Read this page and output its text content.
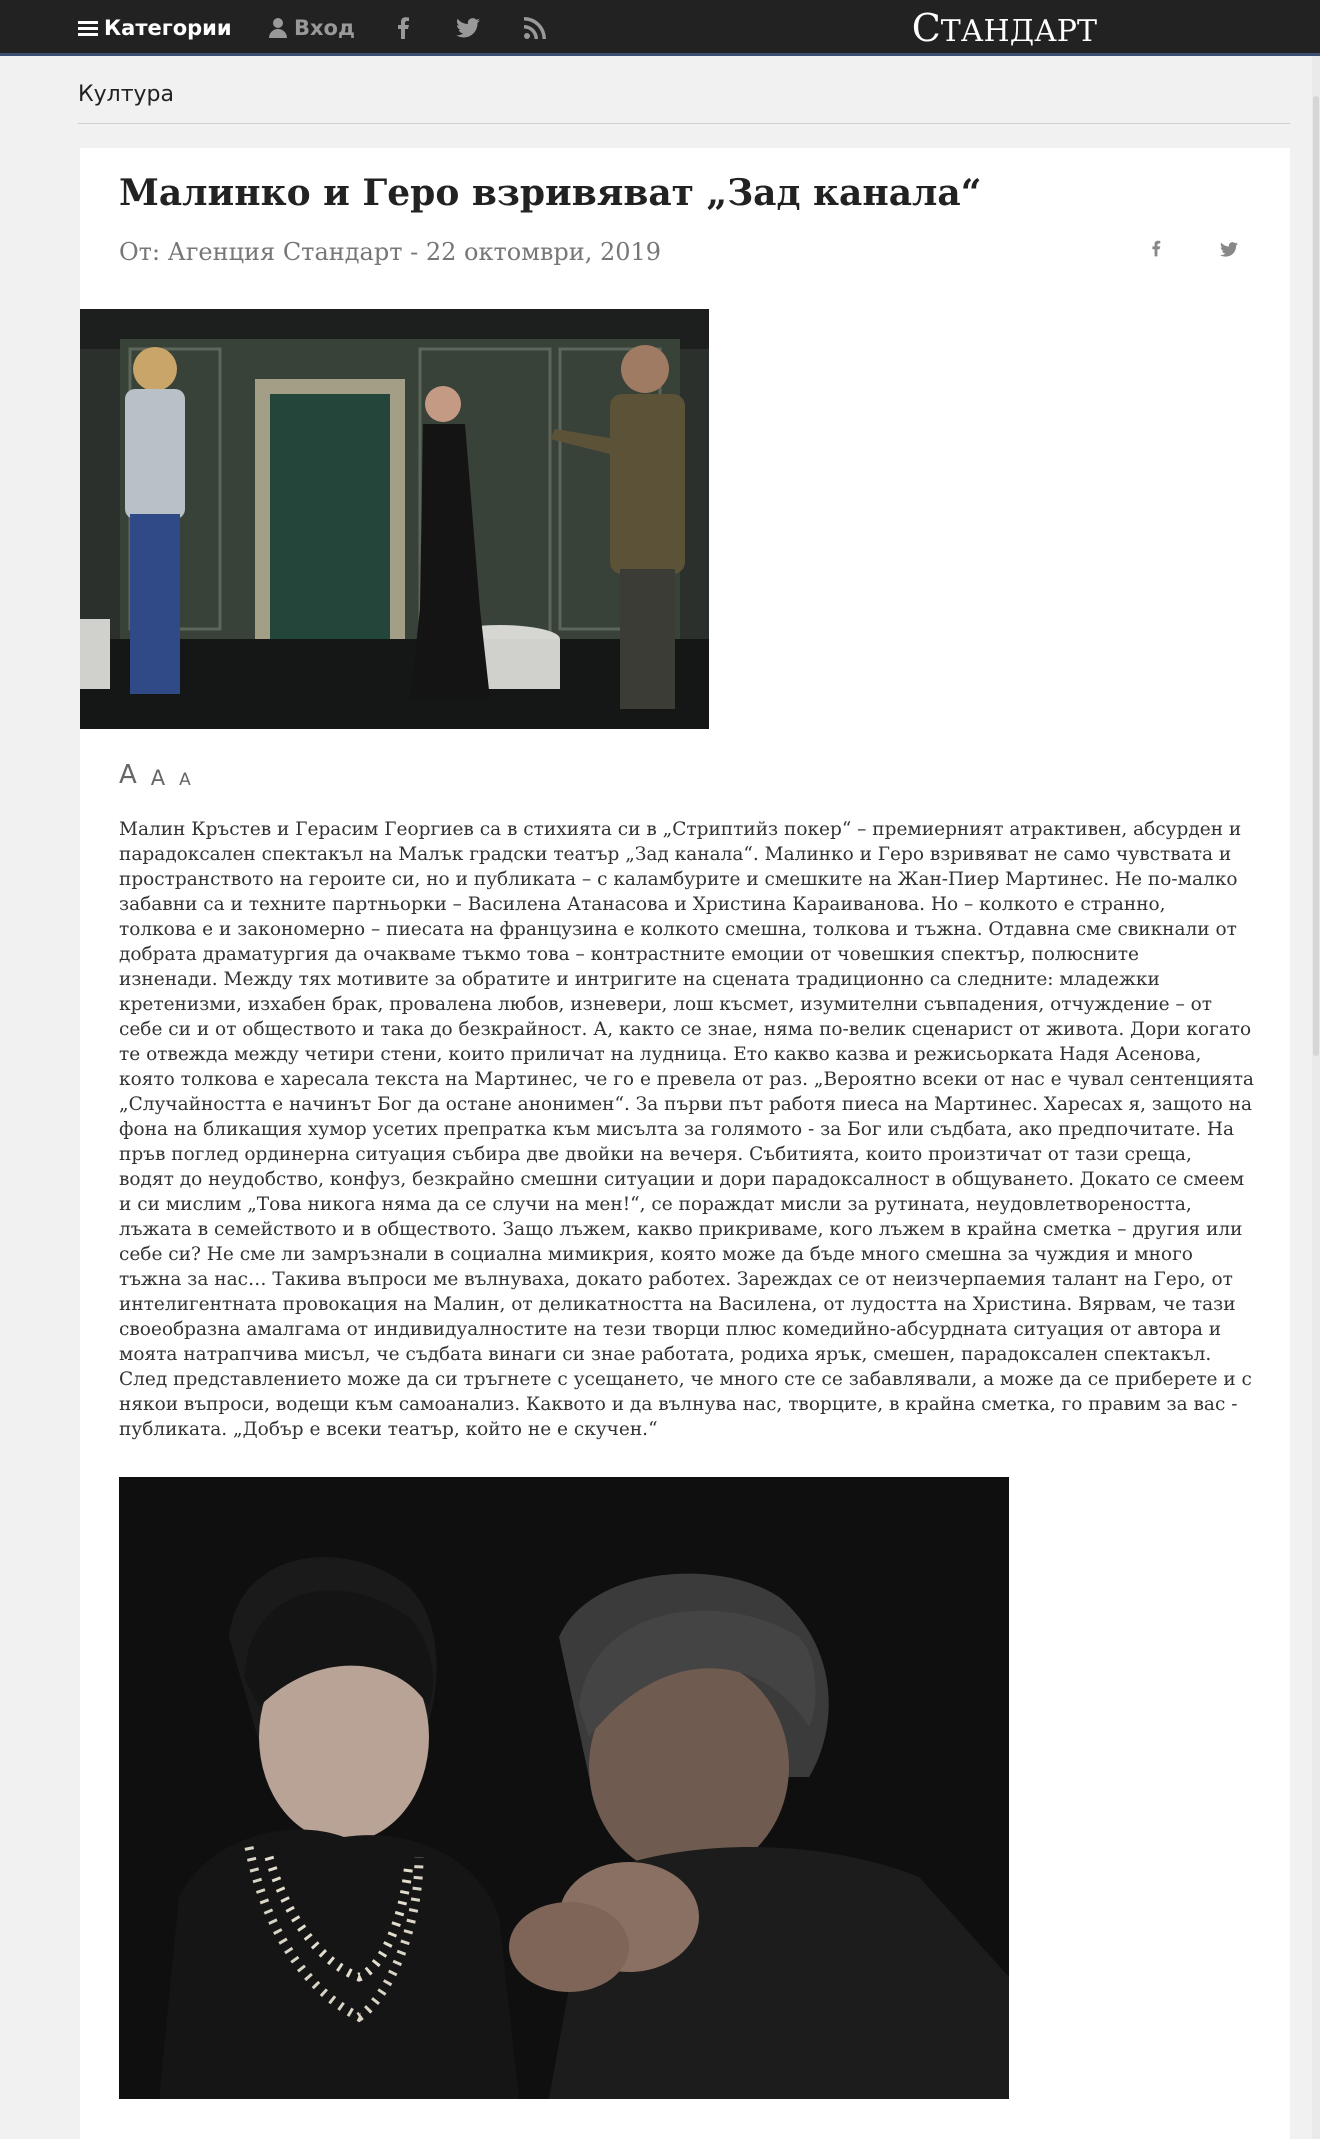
Категории	Вход	СТАНДАРТ
Култура
Малинко и Геро взривяват „Зад канала“
От: Агенция Стандарт - 22 октомври, 2019
A A A
Малин Кръстев и Герасим Георгиев са в стихията си в „Стриптийз покер“ – премиерният атрактивен, абсурден и
парадоксален спектакъл на Малък градски театър „Зад канала“. Малинко и Геро взривяват не само чувствата и
пространството на героите си, но и публиката – с каламбурите и смешките на Жан-Пиер Мартинес. Не по-малко
забавни са и техните партньорки – Василена Атанасова и Христина Караиванова. Но – колкото е странно,
толкова е и закономерно – пиесата на французина е колкото смешна, толкова и тъжна. Отдавна сме свикнали от
добрата драматургия да очакваме тъкмо това – контрастните емоции от човешкия спектър, полюсните
изненади. Между тях мотивите за обратите и интригите на сцената традиционно са следните: младежки
кретенизми, изхабен брак, провалена любов, изневери, лош късмет, изумителни съвпадения, отчуждение – от
себе си и от обществото и така до безкрайност. А, както се знае, няма по-велик сценарист от живота. Дори когато
те отвежда между четири стени, които приличат на лудница. Ето какво казва и режисьорката Надя Асенова,
която толкова е харесала текста на Мартинес, че го е превела от раз. „Вероятно всеки от нас е чувал сентенцията
„Случайността е начинът Бог да остане анонимен“. За първи път работя пиеса на Мартинес. Харесах я, защото на
фона на бликащия хумор усетих препратка към мисълта за голямото - за Бог или съдбата, ако предпочитате. На
пръв поглед ординерна ситуация събира две двойки на вечеря. Събитията, които произтичат от тази среща,
водят до неудобство, конфуз, безкрайно смешни ситуации и дори парадоксалност в общуването. Докато се смеем
и си мислим „Това никога няма да се случи на мен!“, се пораждат мисли за рутината, неудовлетвореността,
лъжата в семейството и в обществото. Защо лъжем, какво прикриваме, кого лъжем в крайна сметка – другия или
себе си? Не сме ли замръзнали в социална мимикрия, която може да бъде много смешна за чуждия и много
тъжна за нас… Такива въпроси ме вълнуваха, докато работех. Зареждах се от неизчерпаемия талант на Геро, от
интелигентната провокация на Малин, от деликатността на Василена, от лудостта на Христина. Вярвам, че тази
своеобразна амалгама от индивидуалностите на тези творци плюс комедийно-абсурдната ситуация от автора и
моята натрапчива мисъл, че съдбата винаги си знае работата, родиха ярък, смешен, парадоксален спектакъл.
След представлението може да си тръгнете с усещането, че много сте се забавлявали, а може да се приберете и с
някои въпроси, водещи към самоанализ. Каквото и да вълнува нас, творците, в крайна сметка, го правим за вас -
публиката. „Добър е всеки театър, който не е скучен.“
